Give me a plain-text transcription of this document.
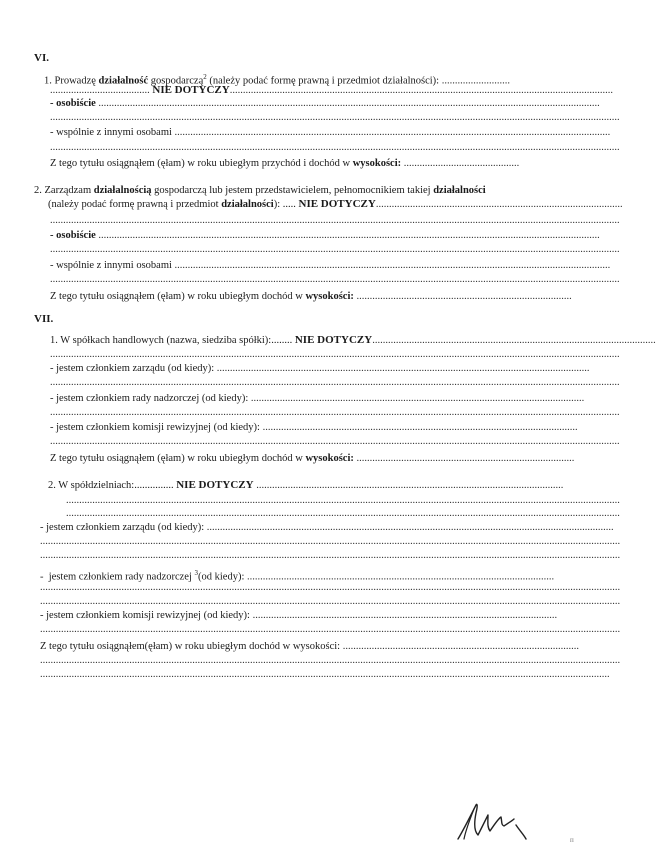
VI.
1. Prowadzę działalność gospodarczą$^2$ (należy podać formę prawną i przedmiot działalności): ..........................
...................................... NIE DOTYCZY..................................................................................................................................................
- osobiście ...............................................................................................................................................................................................
.........................................................................................................................................................................................................................
- wspólnie z innymi osobami ......................................................................................................................................................................
.........................................................................................................................................................................................................................
Z tego tytułu osiągnąłem (ęłam) w roku ubiegłym przychód i dochód w wysokości: ............................................
2. Zarządzam działalnością gospodarczą lub jestem przedstawicielem, pełnomocnikiem takiej działalności
(należy podać formę prawną i przedmiot działalności): ..... NIE DOTYCZY..............................................................................................
.........................................................................................................................................................................................................................
- osobiście ...............................................................................................................................................................................................
.........................................................................................................................................................................................................................
- wspólnie z innymi osobami ......................................................................................................................................................................
.........................................................................................................................................................................................................................
Z tego tytułu osiągnąłem (ęłam) w roku ubiegłym dochód w wysokości: ..................................................................................
VII.
1. W spółkach handlowych (nazwa, siedziba spółki):........ NIE DOTYCZY............................................................................................................
.........................................................................................................................................................................................................................
- jestem członkiem zarządu (od kiedy): ..............................................................................................................................................
.........................................................................................................................................................................................................................
- jestem członkiem rady nadzorczej (od kiedy): ...............................................................................................................................
.........................................................................................................................................................................................................................
- jestem członkiem komisji rewizyjnej (od kiedy): ........................................................................................................................
.........................................................................................................................................................................................................................
Z tego tytułu osiągnąłem (ęłam) w roku ubiegłym dochód w wysokości: ...................................................................................
2. W spółdzielniach:............... NIE DOTYCZY .....................................................................................................................
...................................................................................................................................................................................................................
...................................................................................................................................................................................................................
- jestem członkiem zarządu (od kiedy): ...........................................................................................................................................................
.............................................................................................................................................................................................................................
.............................................................................................................................................................................................................................
-  jestem członkiem rady nadzorczej $^3$(od kiedy): .....................................................................................................................
.............................................................................................................................................................................................................................
.............................................................................................................................................................................................................................
- jestem członkiem komisji rewizyjnej (od kiedy): ....................................................................................................................
.............................................................................................................................................................................................................................
Z tego tytułu osiągnąłem(ęłam) w roku ubiegłym dochód w wysokości: ..........................................................................................
.............................................................................................................................................................................................................................
.........................................................................................................................................................................................................................
п
